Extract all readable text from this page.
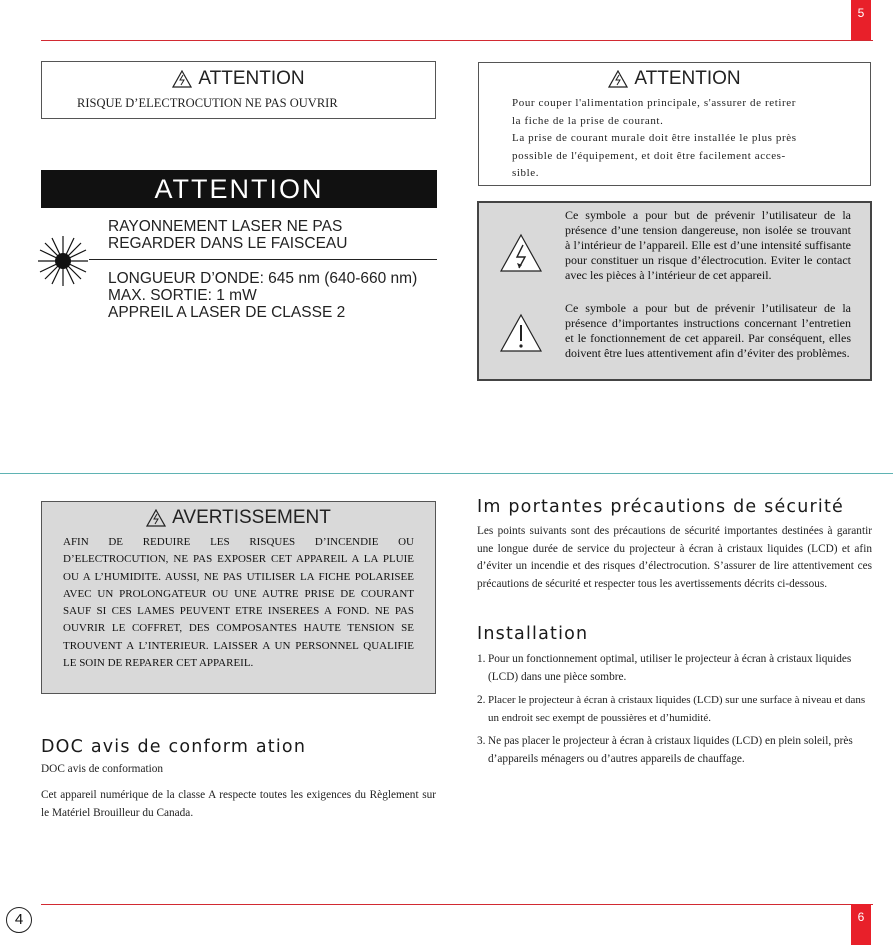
5
ATTENTION
RISQUE D’ELECTROCUTION NE PAS OUVRIR
ATTENTION
RAYONNEMENT LASER NE PAS
REGARDER DANS LE FAISCEAU
LONGUEUR D’ONDE: 645 nm (640-660 nm)
MAX. SORTIE: 1 mW
APPREIL A LASER DE CLASSE 2
ATTENTION
Pour couper l'alimentation principale, s'assurer de retirer
la fiche de la prise de courant.
La prise de courant murale doit être installée le plus près
possible de l'équipement, et doit être facilement acces-
sible.
Ce symbole a pour but de prévenir l’utilisateur de la présence d’une tension dangereuse, non isolée se trouvant à l’intérieur de l’appareil. Elle est d’une intensité suffisante pour constituer un risque d’électrocution. Eviter le contact avec les pièces à l’intérieur de cet appareil.
Ce symbole a pour but de prévenir l’utilisateur de la présence d’importantes instructions concernant l’entretien et le fonctionnement de cet appareil. Par conséquent, elles doivent être lues attentivement afin d’éviter des problèmes.
AVERTISSEMENT
AFIN DE REDUIRE LES RISQUES D’INCENDIE OU D’ELECTROCUTION, NE PAS EXPOSER CET APPAREIL A LA PLUIE OU A L’HUMIDITE. AUSSI, NE PAS UTILISER LA FICHE POLARISEE AVEC UN PROLONGATEUR OU UNE AUTRE PRISE DE COURANT SAUF SI CES LAMES PEUVENT ETRE INSEREES A FOND. NE PAS OUVRIR LE COFFRET, DES COMPOSANTES HAUTE TENSION SE TROUVENT A L’INTERIEUR. LAISSER A UN PERSONNEL QUALIFIE LE SOIN DE REPARER CET APPAREIL.
DOC avis de conform ation
DOC avis de conformation
Cet appareil numérique de la classe A respecte toutes les exigences du Règlement sur le Matériel Brouilleur du Canada.
Im portantes précautions de sécurité
Les points suivants sont des précautions de sécurité importantes destinées à garantir une longue durée de service du projecteur à écran à cristaux liquides (LCD) et afin d’éviter un incendie et des risques d’électrocution. S’assurer de lire attentivement ces précautions de sécurité et respecter tous les avertissements décrits ci-dessous.
Installation
1. Pour un fonctionnement optimal, utiliser le projecteur à écran à cristaux liquides (LCD) dans une pièce sombre.
2. Placer le projecteur à écran à cristaux liquides (LCD) sur une surface à niveau et dans un endroit sec exempt de poussières et d’humidité.
3. Ne pas placer le projecteur à écran à cristaux liquides (LCD) en plein soleil, près d’appareils ménagers ou d’autres appareils de chauffage.
6
4
